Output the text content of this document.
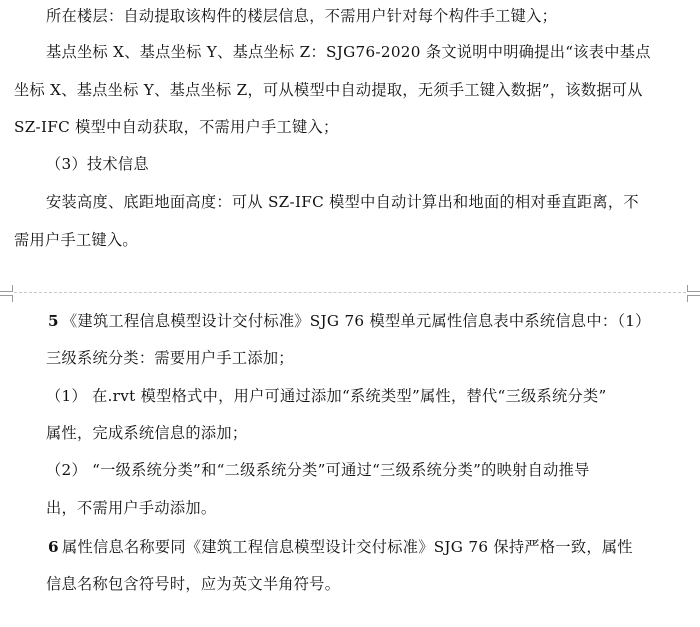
所在楼层：自动提取该构件的楼层信息，不需用户针对每个构件手工键入；
基点坐标 X、基点坐标 Y、基点坐标 Z：SJG76-2020 条文说明中明确提出“该表中基点
坐标 X、基点坐标 Y、基点坐标 Z，可从模型中自动提取，无须手工键入数据”，该数据可从
SZ-IFC 模型中自动获取，不需用户手工键入；
（3）技术信息
安装高度、底距地面高度：可从 SZ-IFC 模型中自动计算出和地面的相对垂直距离，不
需用户手工键入。
5 《建筑工程信息模型设计交付标准》SJG 76 模型单元属性信息表中系统信息中：（1）
三级系统分类：需要用户手工添加；
（1） 在.rvt 模型格式中，用户可通过添加“系统类型”属性，替代“三级系统分类”
属性，完成系统信息的添加；
（2） “一级系统分类”和“二级系统分类”可通过“三级系统分类”的映射自动推导
出，不需用户手动添加。
6 属性信息名称要同《建筑工程信息模型设计交付标准》SJG 76 保持严格一致，属性
信息名称包含符号时，应为英文半角符号。
